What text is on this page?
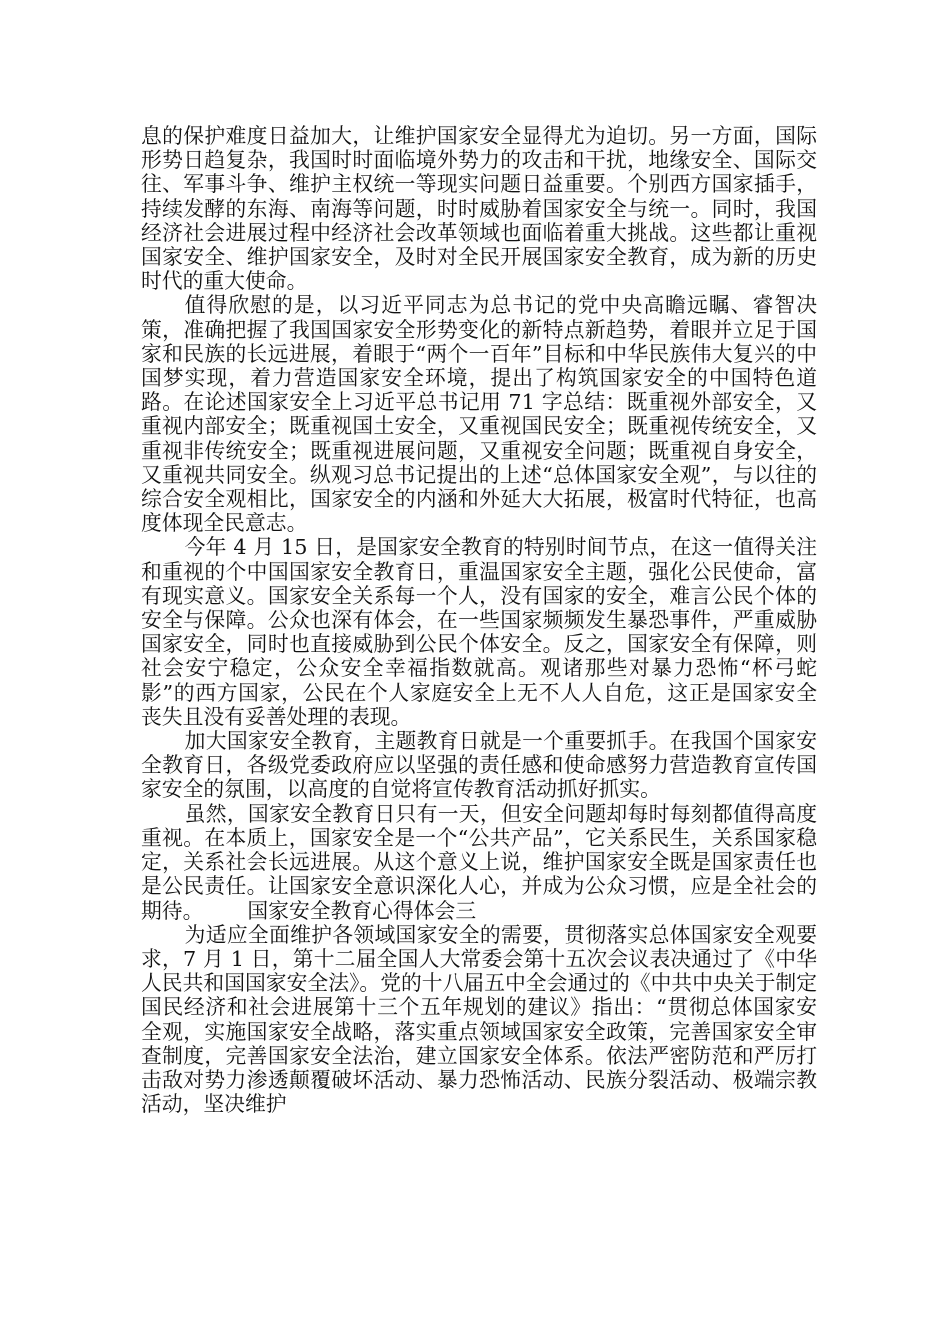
息的保护难度日益加大，让维护国家安全显得尤为迫切。另一方面，国际形势日趋复杂，我国时时面临境外势力的攻击和干扰，地缘安全、国际交往、军事斗争、维护主权统一等现实问题日益重要。个别西方国家插手，持续发酵的东海、南海等问题，时时威胁着国家安全与统一。同时，我国经济社会进展过程中经济社会改革领域也面临着重大挑战。这些都让重视国家安全、维护国家安全，及时对全民开展国家安全教育，成为新的历史时代的重大使命。

值得欣慰的是，以习近平同志为总书记的党中央高瞻远瞩、睿智决策，准确把握了我国国家安全形势变化的新特点新趋势，着眼并立足于国家和民族的长远进展，着眼于“两个一百年”目标和中华民族伟大复兴的中国梦实现，着力营造国家安全环境，提出了构筑国家安全的中国特色道路。在论述国家安全上习近平总书记用 71 字总结：既重视外部安全，又重视内部安全；既重视国土安全，又重视国民安全；既重视传统安全，又重视非传统安全；既重视进展问题，又重视安全问题；既重视自身安全，又重视共同安全。纵观习总书记提出的上述“总体国家安全观”，与以往的综合安全观相比，国家安全的内涵和外延大大拓展，极富时代特征，也高度体现全民意志。

今年 4 月 15 日，是国家安全教育的特别时间节点，在这一值得关注和重视的个中国国家安全教育日，重温国家安全主题，强化公民使命，富有现实意义。国家安全关系每一个人，没有国家的安全，难言公民个体的安全与保障。公众也深有体会，在一些国家频频发生暴恐事件，严重威胁国家安全，同时也直接威胁到公民个体安全。反之，国家安全有保障，则社会安宁稳定，公众安全幸福指数就高。观诸那些对暴力恐怖“杯弓蛇影”的西方国家，公民在个人家庭安全上无不人人自危，这正是国家安全丧失且没有妥善处理的表现。

加大国家安全教育，主题教育日就是一个重要抓手。在我国个国家安全教育日，各级党委政府应以坚强的责任感和使命感努力营造教育宣传国家安全的氛围，以高度的自觉将宣传教育活动抓好抓实。

虽然，国家安全教育日只有一天，但安全问题却每时每刻都值得高度重视。在本质上，国家安全是一个“公共产品”，它关系民生，关系国家稳定，关系社会长远进展。从这个意义上说，维护国家安全既是国家责任也是公民责任。让国家安全意识深化人心，并成为公众习惯，应是全社会的期待。 国家安全教育心得体会三

为适应全面维护各领域国家安全的需要，贯彻落实总体国家安全观要求，7 月 1 日，第十二届全国人大常委会第十五次会议表决通过了《中华人民共和国国家安全法》。党的十八届五中全会通过的《中共中央关于制定国民经济和社会进展第十三个五年规划的建议》指出：“贯彻总体国家安全观，实施国家安全战略，落实重点领域国家安全政策，完善国家安全审查制度，完善国家安全法治，建立国家安全体系。依法严密防范和严厉打击敌对势力渗透颠覆破坏活动、暴力恐怖活动、民族分裂活动、极端宗教活动，坚决维护
